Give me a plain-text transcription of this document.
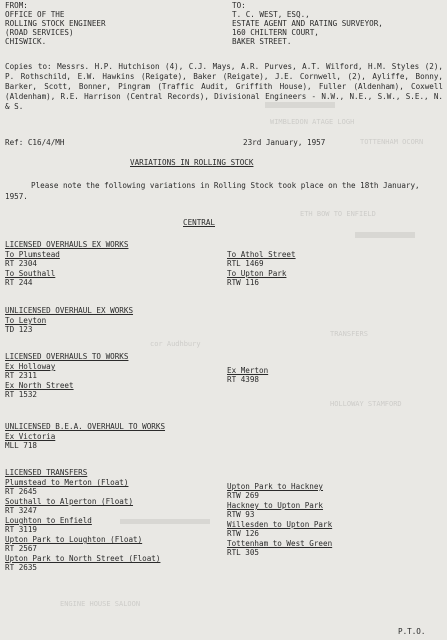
WIMBLEDON ATAGE LOGH
TOTTENHAM OCORN
ETH BOW TO ENFIELD
cor Audhbury
TRANSFERS
HOLLOWAY STAMFORD
ENGINE HOUSE SALOON
FROM:
OFFICE OF THE
ROLLING STOCK ENGINEER
(ROAD SERVICES)
CHISWICK.
TO:
T. C. WEST, ESQ.,
ESTATE AGENT AND RATING SURVEYOR,
160 CHILTERN COURT,
BAKER STREET.
Copies to: Messrs. H.P. Hutchison (4), C.J. Mays, A.R. Purves, A.T. Wilford, H.M. Styles (2), P. Rothschild, E.W. Hawkins (Reigate), Baker (Reigate), J.E. Cornwell, (2), Ayliffe, Bonny, Barker, Scott, Bonner, Pingram (Traffic Audit, Griffith House), Fuller (Aldenham), Coxwell (Aldenham), R.E. Harrison (Central Records), Divisional Engineers - N.W., N.E., S.W., S.E., N. & S.
Ref: C16/4/MH	23rd January, 1957
VARIATIONS IN ROLLING STOCK
Please note the following variations in Rolling Stock took place on the 18th January, 1957.
CENTRAL
LICENSED OVERHAULS EX WORKS
To Plumstead
RT 2304
To Southall
RT 244
To Athol Street
RTL 1469
To Upton Park
RTW 116
UNLICENSED OVERHAUL EX WORKS
To Leyton
TD 123
LICENSED OVERHAULS TO WORKS
Ex Holloway
RT 2311
Ex North Street
RT 1532
Ex Merton
RT 4398
UNLICENSED B.E.A. OVERHAUL TO WORKS
Ex Victoria
MLL 718
LICENSED TRANSFERS
Plumstead to Merton (Float)
RT 2645
Southall to Alperton (Float)
RT 3247
Loughton to Enfield
RT 3119
Upton Park to Loughton (Float)
RT 2567
Upton Park to North Street (Float)
RT 2635
Upton Park to Hackney
RTW 269
Hackney to Upton Park
RTW 93
Willesden to Upton Park
RTW 126
Tottenham to West Green
RTL 305
P.T.O.
